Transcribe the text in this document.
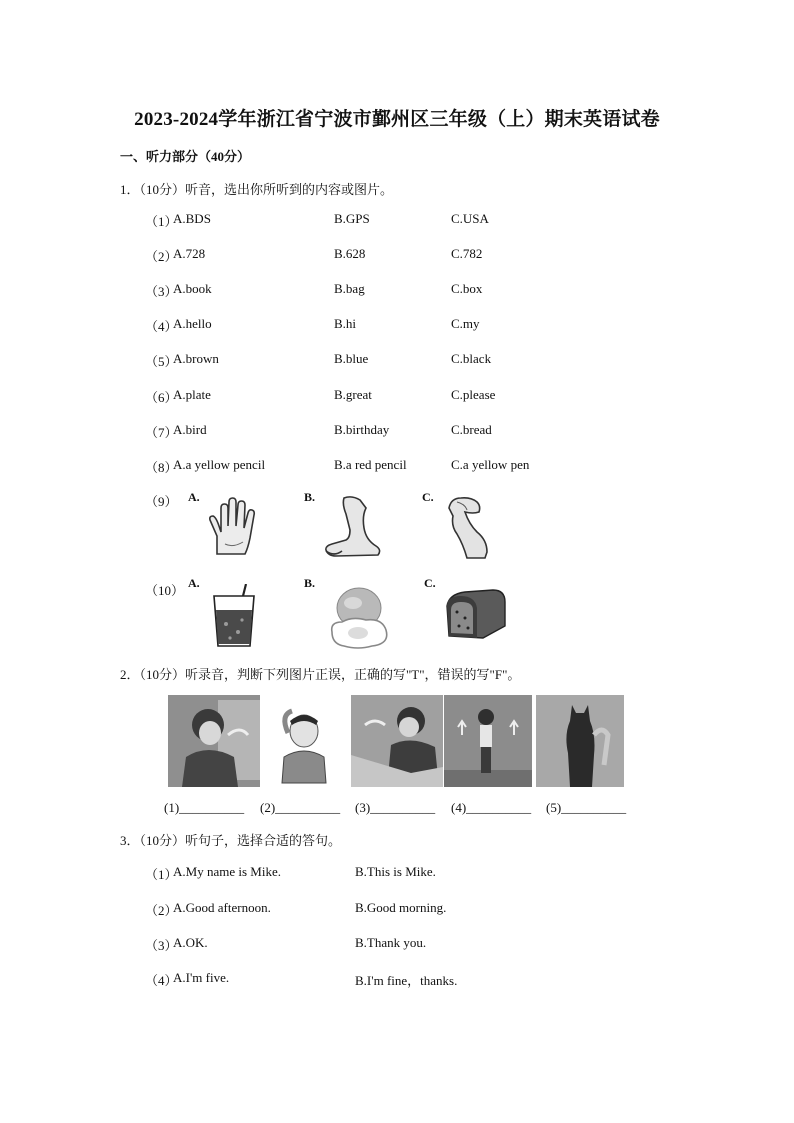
2023-2024学年浙江省宁波市鄞州区三年级（上）期末英语试卷
一、听力部分（40分）
1．（10分）听音，选出你所听到的内容或图片。
（1）
A.BDS	B.GPS	C.USA
（2）
A.728	B.628	C.782
（3）
A.book	B.bag	C.box
（4）
A.hello	B.hi	C.my
（5）
A.brown	B.blue	C.black
（6）
A.plate	B.great	C.please
（7）
A.bird	B.birthday	C.bread
（8）
A.a yellow pencil	B.a red pencil	C.a yellow pen
（9） A.	B.	C.
（10） A.	B.	C.
2．（10分）听录音，判断下列图片正误，正确的写"T"，错误的写"F"。
(1)__________ (2)__________ (3)__________ (4)__________ (5)__________
3．（10分）听句子，选择合适的答句。
（1）
A.My name is Mike.	B.This is Mike.
（2）
A.Good afternoon.	B.Good morning.
（3）
A.OK.	B.Thank you.
（4）
A.I'm five.	B.I'm fine，thanks.
